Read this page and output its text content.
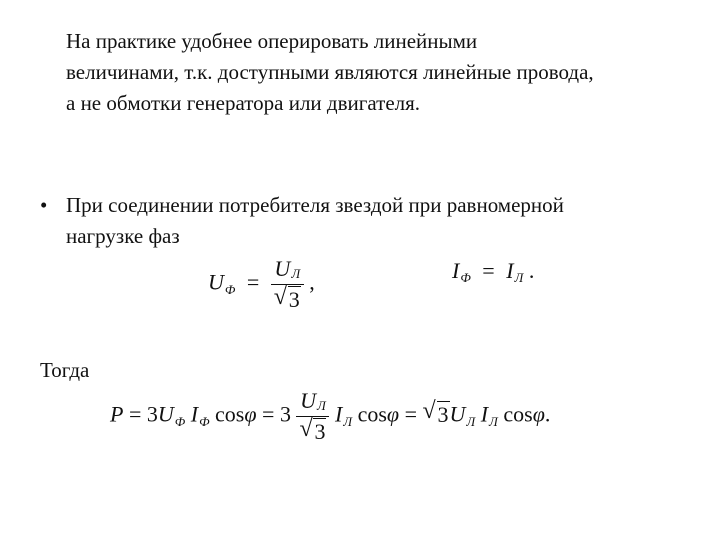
На практике удобнее оперировать линейными
величинами, т.к. доступными являются линейные провода,
а не обмотки генератора или двигателя.
• При соединении потребителя звездой при равномерной
нагрузке фаз
UФ = $\frac{UЛ}{√ 3}$ ,	IФ = IЛ .
Тогда
P = 3UФ IФ $\cos\varphi = 3 \frac{UЛ}{√ 3}$ IЛ cosφ = √ 3UЛ IЛ cosφ.
